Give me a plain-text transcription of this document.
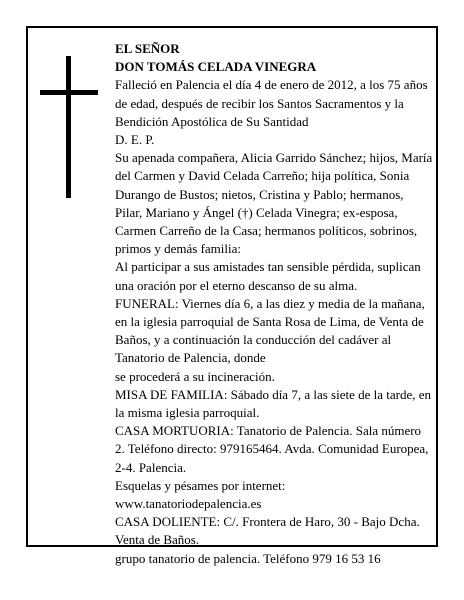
EL SEÑOR

DON TOMÁS CELADA VINEGRA

Falleció en Palencia el día 4 de enero de 2012, a los 75 años de edad, después de recibir los Santos Sacramentos y la Bendición Apostólica de Su Santidad

D. E. P.

Su apenada compañera, Alicia Garrido Sánchez; hijos, María del Carmen y David Celada Carreño; hija política, Sonia Durango de Bustos; nietos, Cristina y Pablo; hermanos, Pilar, Mariano y Ángel (†) Celada Vinegra; ex-esposa, Carmen Carreño de la Casa; hermanos políticos, sobrinos, primos y demás familia:

Al participar a sus amistades tan sensible pérdida, suplican una oración por el eterno descanso de su alma.

FUNERAL: Viernes día 6, a las diez y media de la mañana, en la iglesia parroquial de Santa Rosa de Lima, de Venta de Baños, y a continuación la conducción del cadáver al Tanatorio de Palencia, donde

se procederá a su incineración.

MISA DE FAMILIA: Sábado día 7, a las siete de la tarde, en la misma iglesia parroquial.

CASA MORTUORIA: Tanatorio de Palencia. Sala número 2. Teléfono directo: 979165464. Avda. Comunidad Europea, 2-4. Palencia.

Esquelas y pésames por internet:

www.tanatoriodepalencia.es

CASA DOLIENTE: C/. Frontera de Haro, 30 - Bajo Dcha. Venta de Baños.

grupo tanatorio de palencia. Teléfono 979 16 53 16
